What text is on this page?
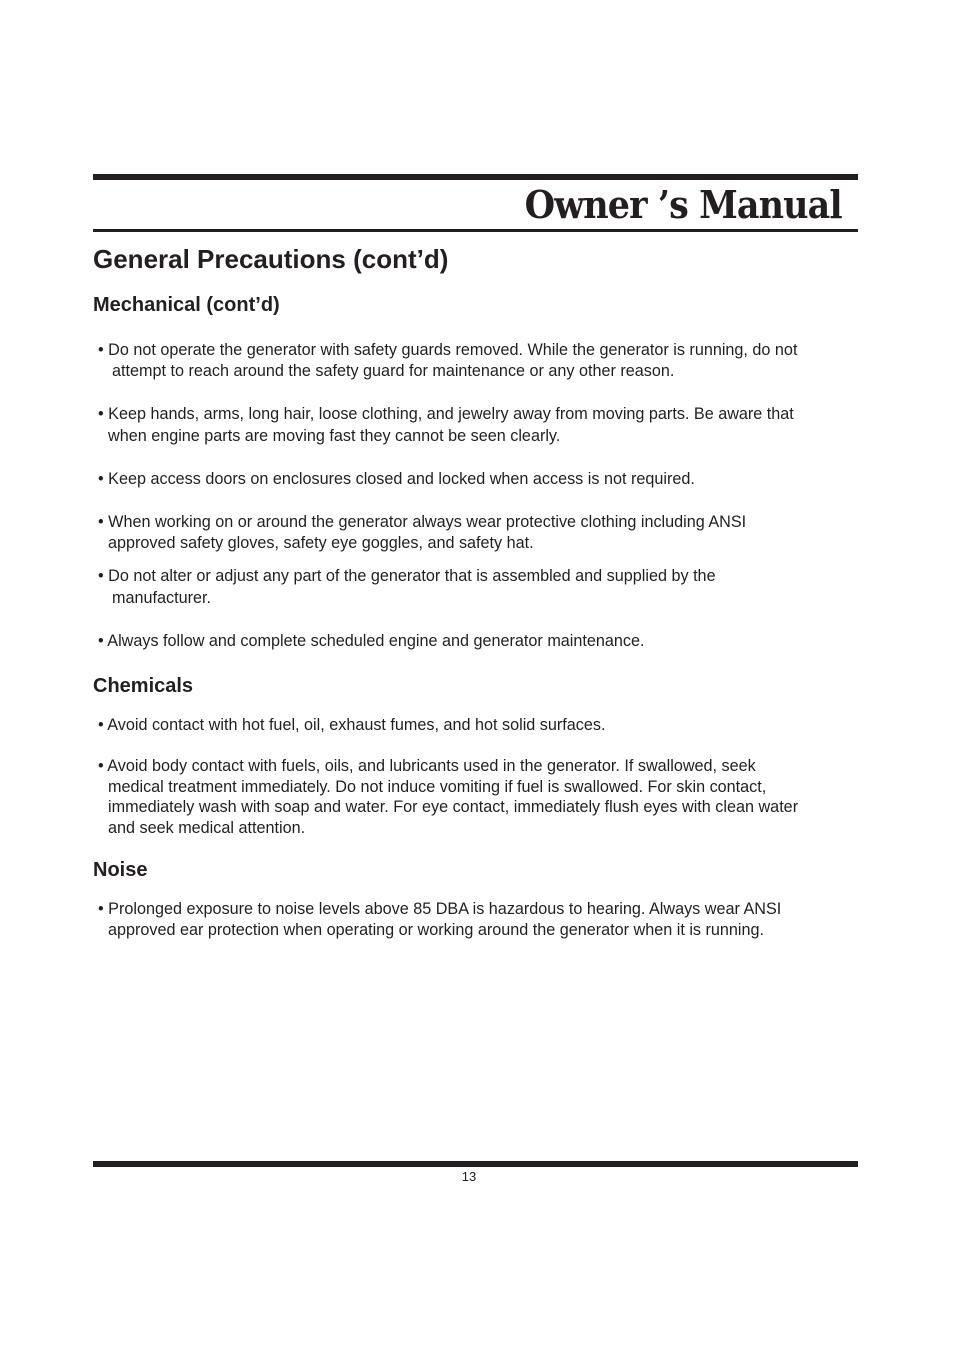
Owner ’s Manual
General Precautions (cont’d)
Mechanical (cont’d)
• Do not operate the generator with safety guards removed. While the generator is running, do not
attempt to reach around the safety guard for maintenance or any other reason.
• Keep hands, arms, long hair, loose clothing, and jewelry away from moving parts. Be aware that
when engine parts are moving fast they cannot be seen clearly.
• Keep access doors on enclosures closed and locked when access is not required.
• When working on or around the generator always wear protective clothing including ANSI
approved safety gloves, safety eye goggles, and safety hat.
• Do not alter or adjust any part of the generator that is assembled and supplied by the
manufacturer.
• Always follow and complete scheduled engine and generator maintenance.
Chemicals
• Avoid contact with hot fuel, oil, exhaust fumes, and hot solid surfaces.
• Avoid body contact with fuels, oils, and lubricants used in the generator. If swallowed, seek
medical treatment immediately. Do not induce vomiting if fuel is swallowed. For skin contact,
immediately wash with soap and water. For eye contact, immediately flush eyes with clean water
and seek medical attention.
Noise
• Prolonged exposure to noise levels above 85 DBA is hazardous to hearing. Always wear ANSI
approved ear protection when operating or working around the generator when it is running.
13
